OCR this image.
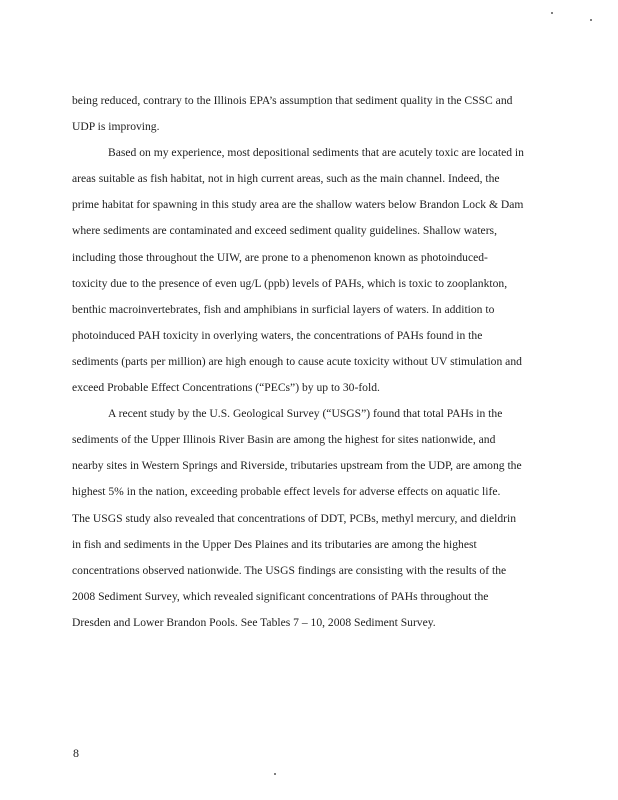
being reduced, contrary to the Illinois EPA’s assumption that sediment quality in the CSSC and
UDP is improving.

Based on my experience, most depositional sediments that are acutely toxic are located in
areas suitable as fish habitat, not in high current areas, such as the main channel. Indeed, the
prime habitat for spawning in this study area are the shallow waters below Brandon Lock & Dam
where sediments are contaminated and exceed sediment quality guidelines. Shallow waters,
including those throughout the UIW, are prone to a phenomenon known as photoinduced-
toxicity due to the presence of even ug/L (ppb) levels of PAHs, which is toxic to zooplankton,
benthic macroinvertebrates, fish and amphibians in surficial layers of waters. In addition to
photoinduced PAH toxicity in overlying waters, the concentrations of PAHs found in the
sediments (parts per million) are high enough to cause acute toxicity without UV stimulation and
exceed Probable Effect Concentrations (“PECs”) by up to 30-fold.

A recent study by the U.S. Geological Survey (“USGS”) found that total PAHs in the
sediments of the Upper Illinois River Basin are among the highest for sites nationwide, and
nearby sites in Western Springs and Riverside, tributaries upstream from the UDP, are among the
highest 5% in the nation, exceeding probable effect levels for adverse effects on aquatic life.
The USGS study also revealed that concentrations of DDT, PCBs, methyl mercury, and dieldrin
in fish and sediments in the Upper Des Plaines and its tributaries are among the highest
concentrations observed nationwide. The USGS findings are consisting with the results of the
2008 Sediment Survey, which revealed significant concentrations of PAHs throughout the
Dresden and Lower Brandon Pools. See Tables 7 – 10, 2008 Sediment Survey.

8
